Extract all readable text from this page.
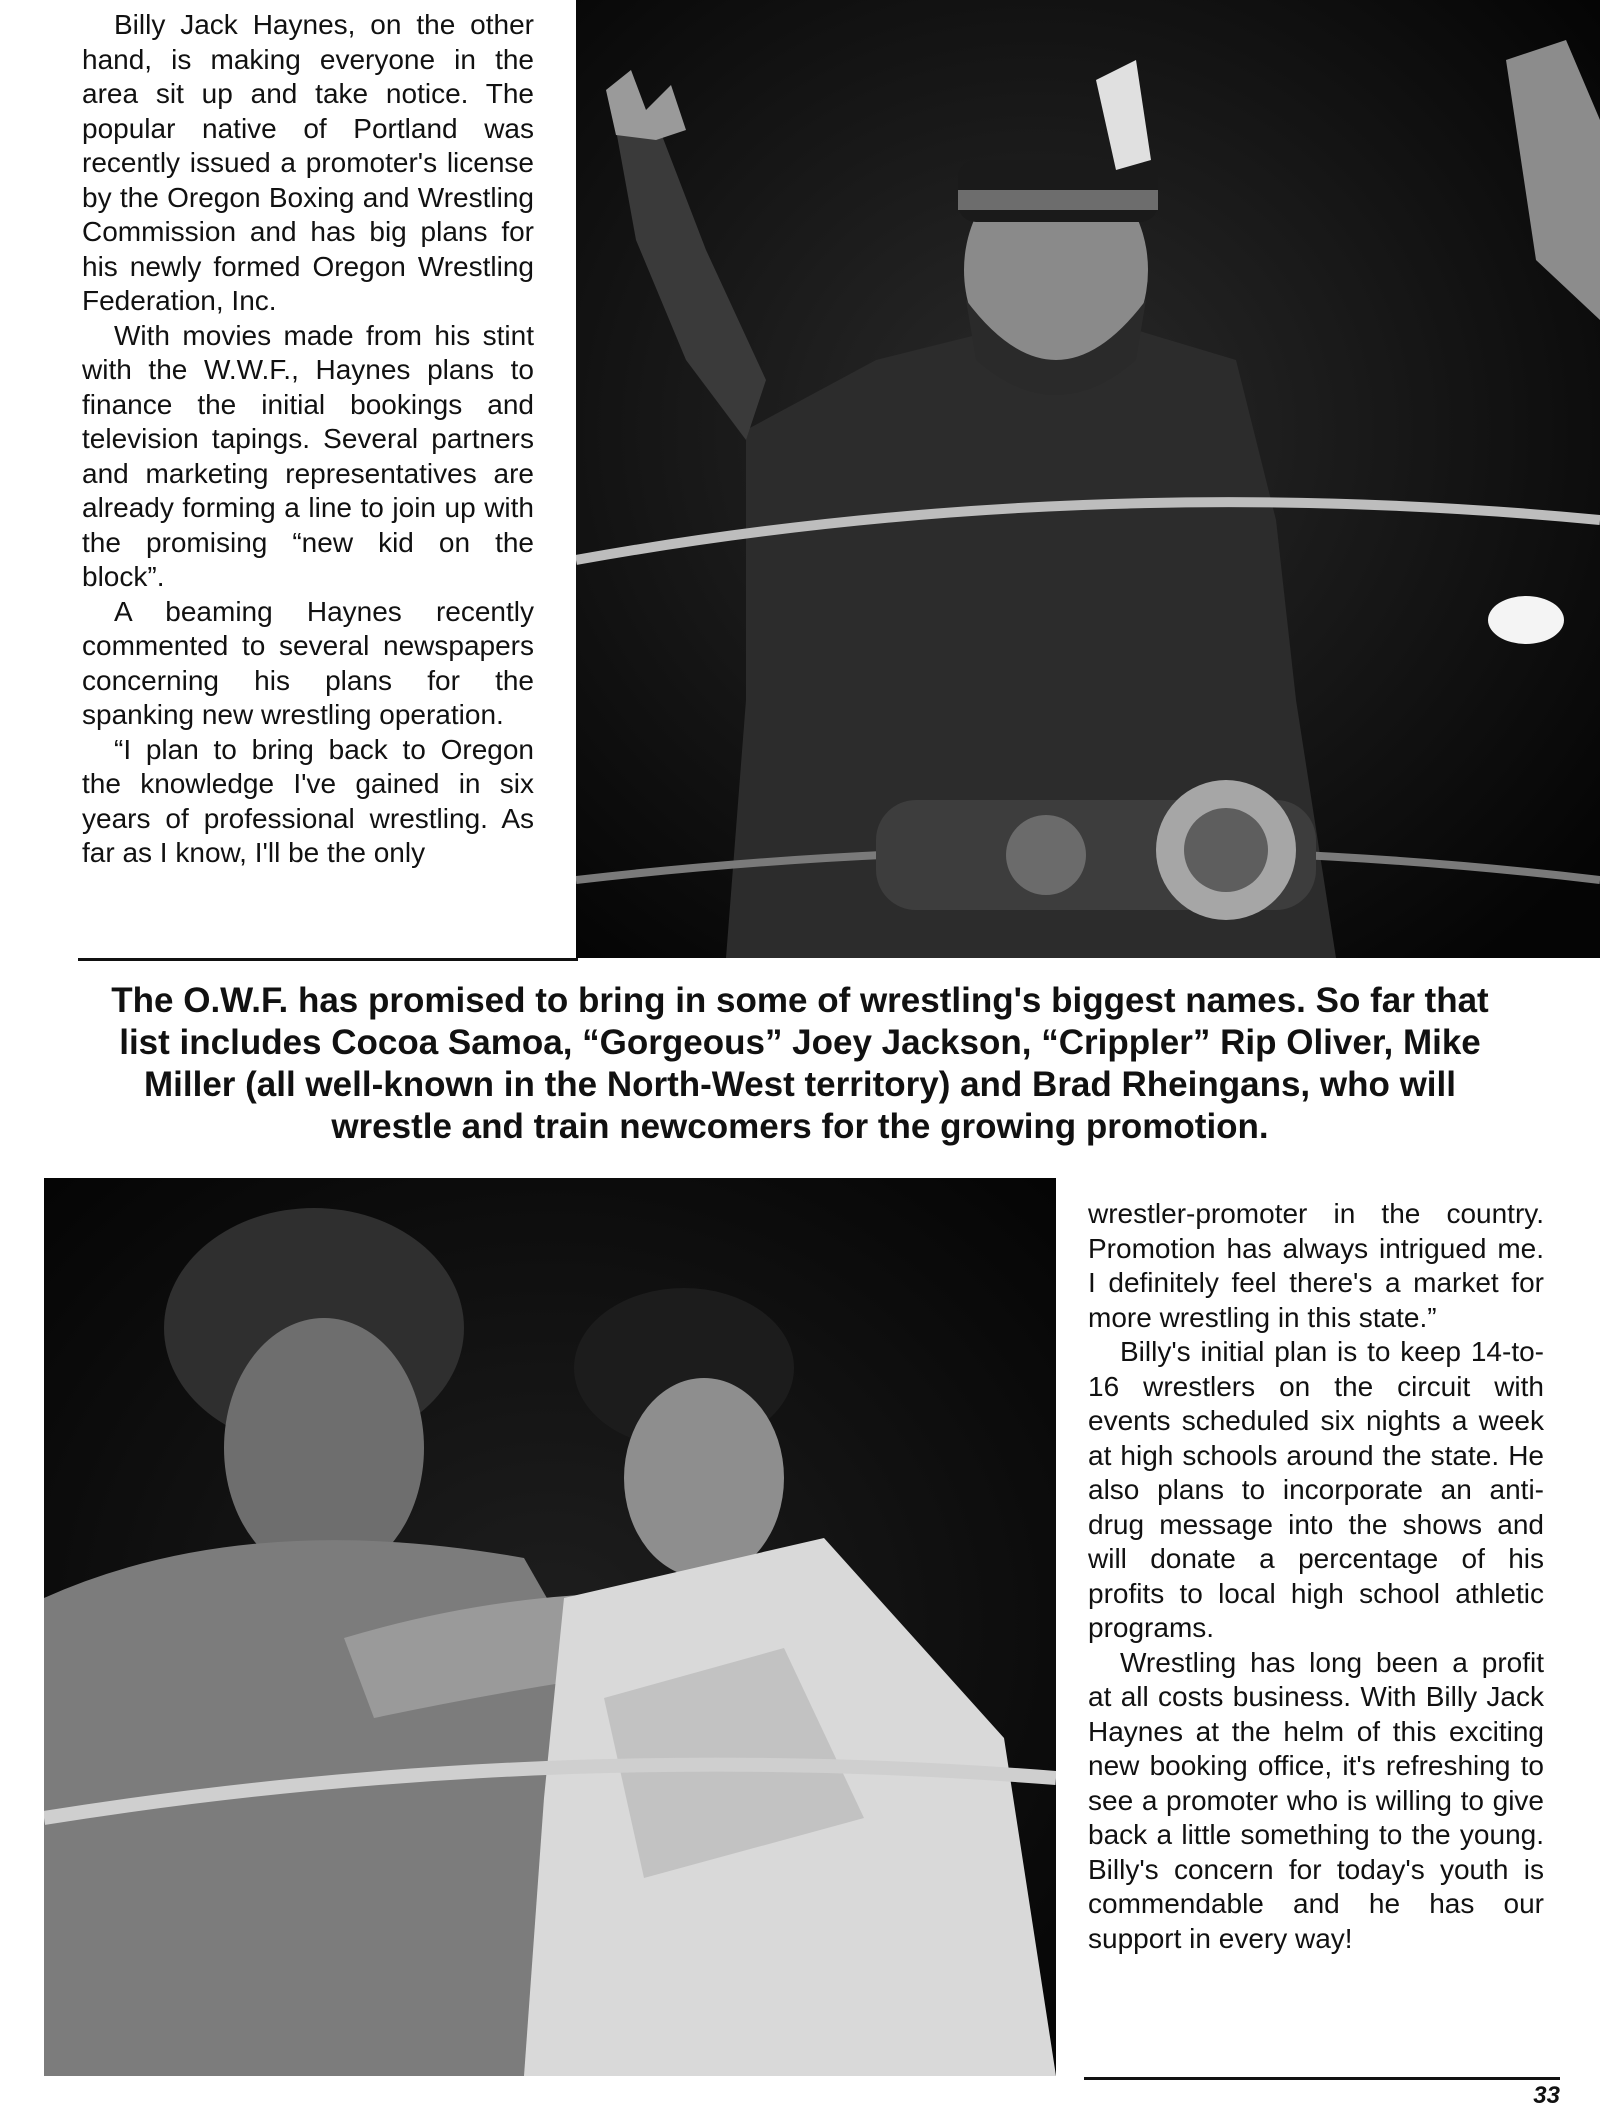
Billy Jack Haynes, on the other hand, is making everyone in the area sit up and take notice. The popular native of Portland was recently issued a promoter's license by the Oregon Boxing and Wrestling Commission and has big plans for his newly formed Oregon Wrestling Federation, Inc.

With movies made from his stint with the W.W.F., Haynes plans to finance the initial bookings and television tapings. Several partners and marketing representatives are already forming a line to join up with the promising “new kid on the block”.

A beaming Haynes recently commented to several newspapers concerning his plans for the spanking new wrestling operation.

“I plan to bring back to Oregon the knowledge I've gained in six years of professional wrestling. As far as I know, I'll be the only

The O.W.F. has promised to bring in some of wrestling's biggest names. So far that
list includes Cocoa Samoa, “Gorgeous” Joey Jackson, “Crippler” Rip Oliver, Mike
Miller (all well-known in the North-West territory) and Brad Rheingans, who will
wrestle and train newcomers for the growing promotion.

wrestler-promoter in the country. Promotion has always intrigued me. I definitely feel there's a market for more wrestling in this state.”

Billy's initial plan is to keep 14-to-16 wrestlers on the circuit with events scheduled six nights a week at high schools around the state. He also plans to incorporate an anti-drug message into the shows and will donate a percentage of his profits to local high school athletic programs.

Wrestling has long been a profit at all costs business. With Billy Jack Haynes at the helm of this exciting new booking office, it's refreshing to see a promoter who is willing to give back a little something to the young. Billy's concern for today's youth is commendable and he has our support in every way!

33
